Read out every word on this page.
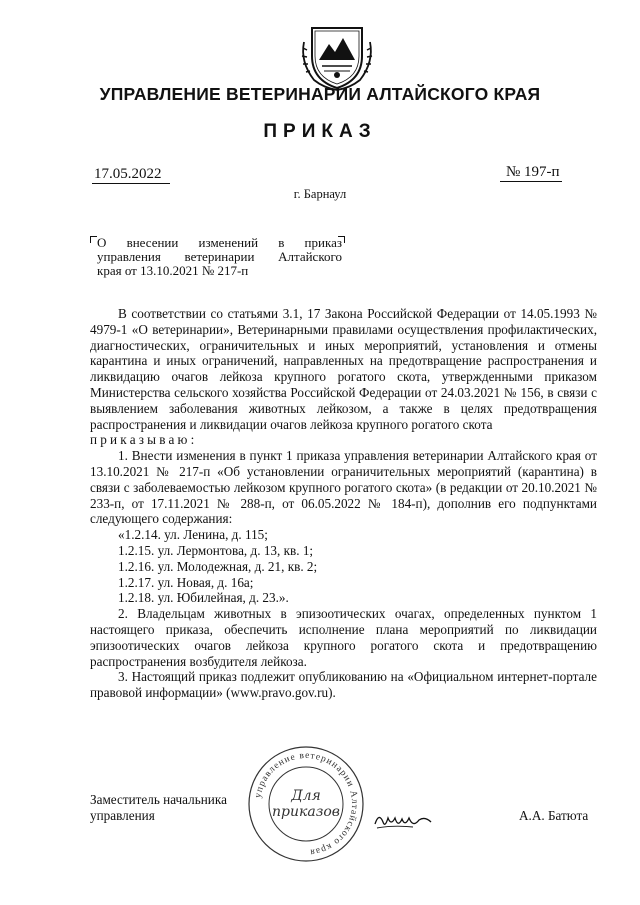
УПРАВЛЕНИЕ ВЕТЕРИНАРИИ АЛТАЙСКОГО КРАЯ
ПРИКАЗ
17.05.2022	№ 197-п
г. Барнаул
О внесении изменений в приказ
управления ветеринарии Алтайского
края от 13.10.2021 № 217-п

В соответствии со статьями 3.1, 17 Закона Российской Федерации от 14.05.1993 № 4979-1 «О ветеринарии», Ветеринарными правилами осуществления профилактических, диагностических, ограничительных и иных мероприятий, установления и отмены карантина и иных ограничений, направленных на предотвращение распространения и ликвидацию очагов лейкоза крупного рогатого скота, утвержденными приказом Министерства сельского хозяйства Российской Федерации от 24.03.2021 № 156, в связи с выявлением заболевания животных лейкозом, а также в целях предотвращения распространения и ликвидации очагов лейкоза крупного рогатого скота

приказываю:

1. Внести изменения в пункт 1 приказа управления ветеринарии Алтайского края от 13.10.2021 № 217-п «Об установлении ограничительных мероприятий (карантина) в связи с заболеваемостью лейкозом крупного рогатого скота» (в редакции от 20.10.2021 № 233-п, от 17.11.2021 № 288-п, от 06.05.2022 № 184-п), дополнив его подпунктами следующего содержания:

«1.2.14. ул. Ленина, д. 115;

1.2.15. ул. Лермонтова, д. 13, кв. 1;

1.2.16. ул. Молодежная, д. 21, кв. 2;

1.2.17. ул. Новая, д. 16а;

1.2.18. ул. Юбилейная, д. 23.».

2. Владельцам животных в эпизоотических очагах, определенных пунктом 1 настоящего приказа, обеспечить исполнение плана мероприятий по ликвидации эпизоотических очагов лейкоза крупного рогатого скота и предотвращению распространения возбудителя лейкоза.

3. Настоящий приказ подлежит опубликованию на «Официальном интернет-портале правовой информации» (www.pravo.gov.ru).

Заместитель начальника
управления
управление ветеринарии Алтайского края
Для
приказов	А.А. Батюта
